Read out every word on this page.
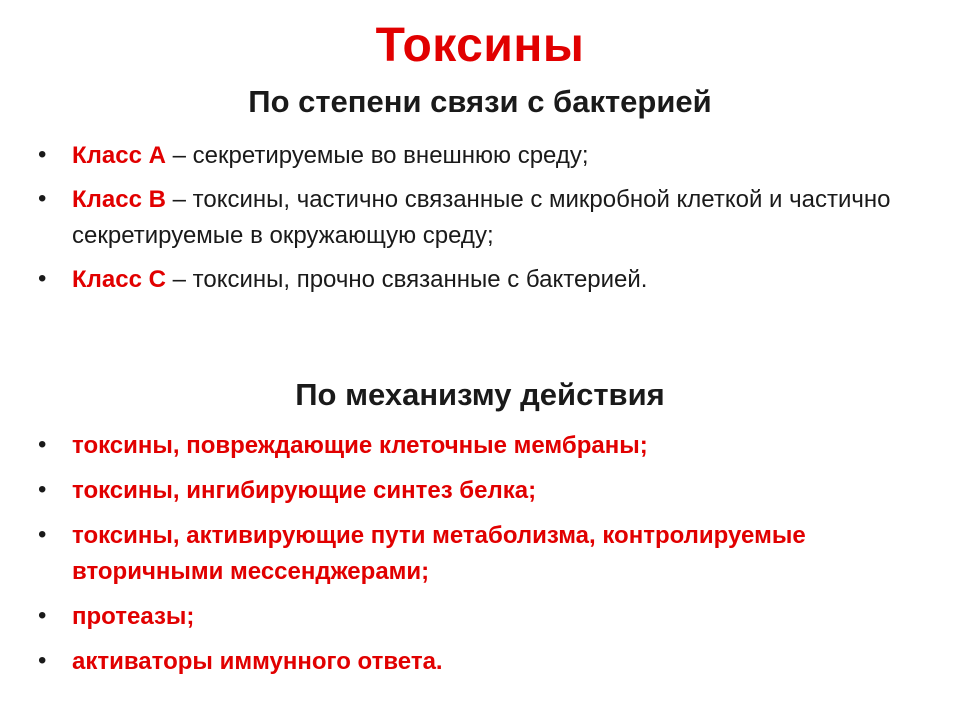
Токсины
По степени связи с бактерией
•	Класс А – секретируемые во внешнюю среду;
•	Класс В – токсины, частично связанные с микробной клеткой и частично секретируемые в окружающую среду;
•	Класс С – токсины, прочно связанные с бактерией.
По механизму действия
•	токсины, повреждающие клеточные мембраны;
•	токсины, ингибирующие синтез белка;
•	токсины, активирующие пути метаболизма, контролируемые вторичными мессенджерами;
•	протеазы;
•	активаторы иммунного ответа.
